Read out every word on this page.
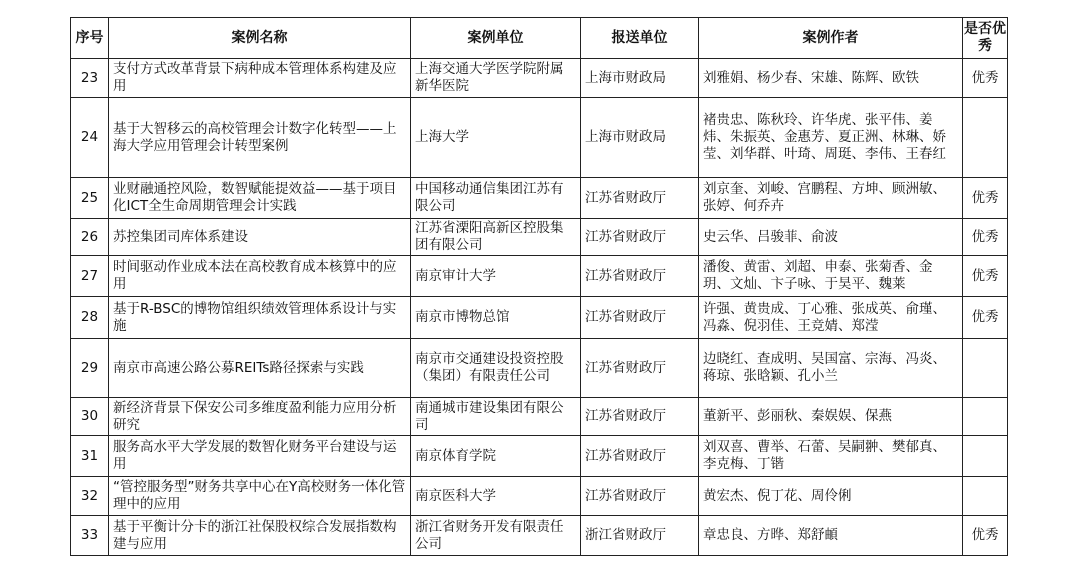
序号	案例名称	案例单位	报送单位	案例作者	是否优秀
23	支付方式改革背景下病种成本管理体系构建及应用	上海交通大学医学院附属新华医院	上海市财政局	刘雅娟、杨少春、宋雄、陈辉、欧铁	优秀
24	基于大智移云的高校管理会计数字化转型——上海大学应用管理会计转型案例	上海大学	上海市财政局	褚贵忠、陈秋玲、许华虎、张平伟、姜炜、朱振英、金惠芳、夏正洲、林琳、娇莹、刘华群、叶琦、周珽、李伟、王春红	
25	业财融通控风险，数智赋能提效益——基于项目化ICT全生命周期管理会计实践	中国移动通信集团江苏有限公司	江苏省财政厅	刘京奎、刘峻、宫鹏程、方坤、顾洲敏、张婷、何乔卉	优秀
26	苏控集团司库体系建设	江苏省溧阳高新区控股集团有限公司	江苏省财政厅	史云华、吕骏菲、俞波	优秀
27	时间驱动作业成本法在高校教育成本核算中的应用	南京审计大学	江苏省财政厅	潘俊、黄雷、刘超、申泰、张菊香、金玥、文灿、卞子咏、于昊平、魏莱	优秀
28	基于R-BSC的博物馆组织绩效管理体系设计与实施	南京市博物总馆	江苏省财政厅	许强、黄贵成、丁心雅、张成英、俞瑾、冯淼、倪羽佳、王竞婧、郑滢	优秀
29	南京市高速公路公募REITs路径探索与实践	南京市交通建设投资控股（集团）有限责任公司	江苏省财政厅	边晓红、查成明、吴国富、宗海、冯炎、蒋琼、张晗颖、孔小兰	
30	新经济背景下保安公司多维度盈利能力应用分析研究	南通城市建设集团有限公司	江苏省财政厅	董新平、彭丽秋、秦娱娱、保燕	
31	服务高水平大学发展的数智化财务平台建设与运用	南京体育学院	江苏省财政厅	刘双喜、曹举、石蕾、吴嗣翀、樊郁真、李克梅、丁锴	
32	“管控服务型”财务共享中心在Y高校财务一体化管理中的应用	南京医科大学	江苏省财政厅	黄宏杰、倪丁花、周伶俐	
33	基于平衡计分卡的浙江社保股权综合发展指数构建与应用	浙江省财务开发有限责任公司	浙江省财政厅	章忠良、方晔、郑舒頔	优秀
